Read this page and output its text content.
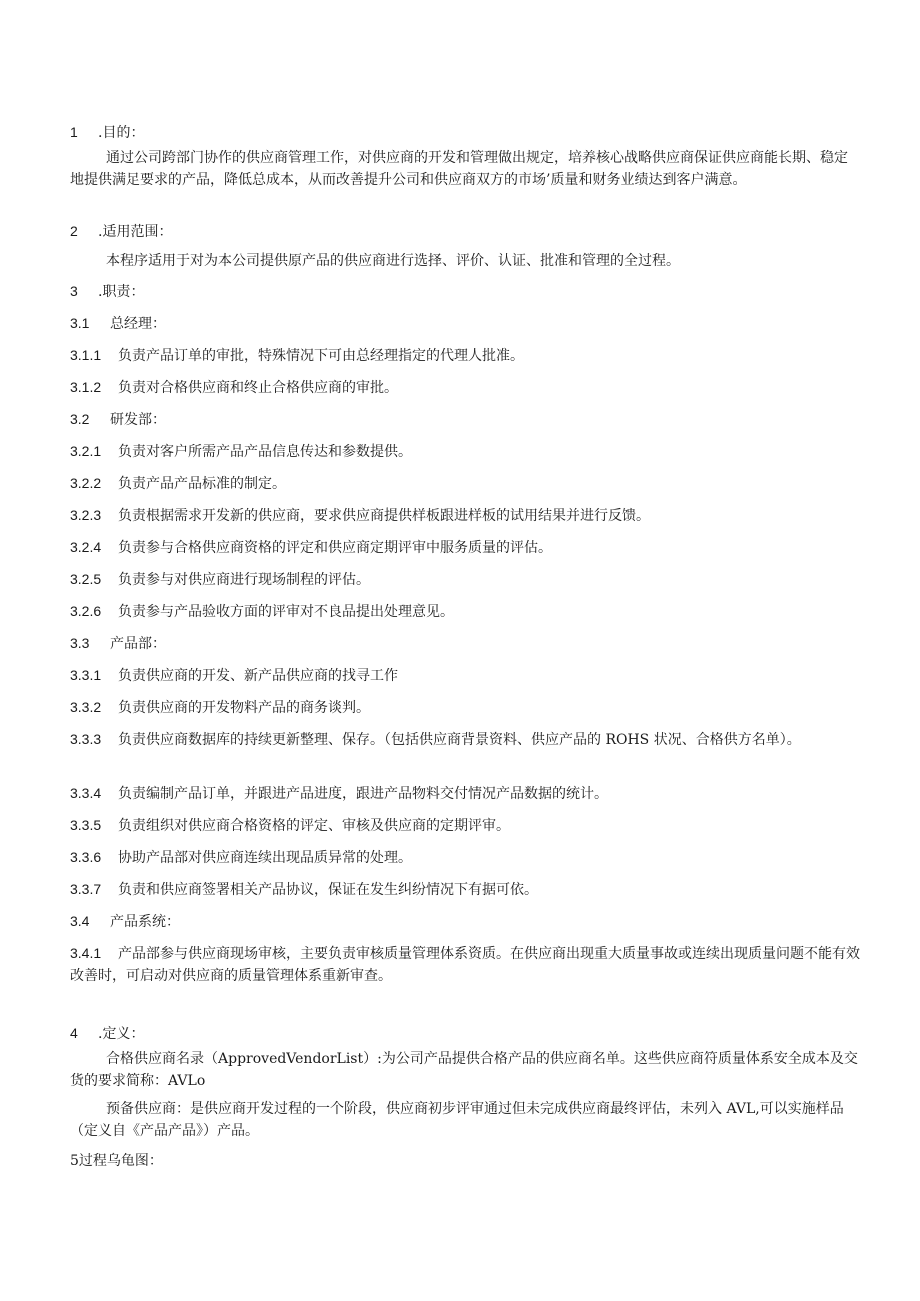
1 .目的：
通过公司跨部门协作的供应商管理工作，对供应商的开发和管理做出规定，培养核心战略供应商保证供应商能长期、稳定地提供满足要求的产品，降低总成本，从而改善提升公司和供应商双方的市场’质量和财务业绩达到客户满意。
2 .适用范围：
本程序适用于对为本公司提供原产品的供应商进行选择、评价、认证、批准和管理的全过程。
3 .职责：
3.1 总经理：
3.1.1 负责产品订单的审批，特殊情况下可由总经理指定的代理人批准。
3.1.2 负责对合格供应商和终止合格供应商的审批。
3.2 研发部：
3.2.1 负责对客户所需产品产品信息传达和参数提供。
3.2.2 负责产品产品标准的制定。
3.2.3 负责根据需求开发新的供应商，要求供应商提供样板跟进样板的试用结果并进行反馈。
3.2.4 负责参与合格供应商资格的评定和供应商定期评审中服务质量的评估。
3.2.5 负责参与对供应商进行现场制程的评估。
3.2.6 负责参与产品验收方面的评审对不良品提出处理意见。
3.3 产品部：
3.3.1 负责供应商的开发、新产品供应商的找寻工作
3.3.2 负责供应商的开发物料产品的商务谈判。
3.3.3 负责供应商数据库的持续更新整理、保存。（包括供应商背景资料、供应产品的 ROHS 状况、合格供方名单）。
3.3.4 负责编制产品订单，并跟进产品进度，跟进产品物料交付情况产品数据的统计。
3.3.5 负责组织对供应商合格资格的评定、审核及供应商的定期评审。
3.3.6 协助产品部对供应商连续出现品质异常的处理。
3.3.7 负责和供应商签署相关产品协议，保证在发生纠纷情况下有据可依。
3.4 产品系统：
3.4.1 产品部参与供应商现场审核，主要负责审核质量管理体系资质。在供应商出现重大质量事故或连续出现质量问题不能有效改善时，可启动对供应商的质量管理体系重新审查。
4 .定义：
合格供应商名录（ApprovedVendorList）:为公司产品提供合格产品的供应商名单。这些供应商符质量体系安全成本及交货的要求简称：AVLo
预备供应商：是供应商开发过程的一个阶段，供应商初步评审通过但未完成供应商最终评估，未列入 AVL,可以实施样品（定义自《产品产品》）产品。
5过程乌龟图：
